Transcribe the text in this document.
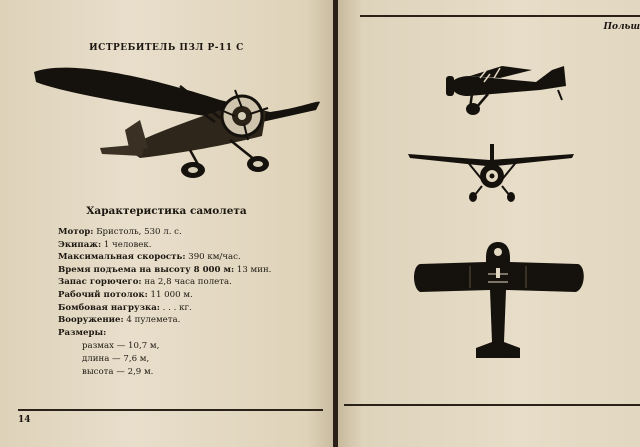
ИСТРЕБИТЕЛЬ ПЗЛ Р-11 С
Характеристика самолета
Мотор: Бристоль, 530 л. с.
Экипаж: 1 человек.
Максимальная скорость: 390 км/час.
Время подъема на высоту 8 000 м: 13 мин.
Запас горючего: на 2,8 часа полета.
Рабочий потолок: 11 000 м.
Бомбовая нагрузка: . . . кг.
Вооружение: 4 пулемета.
Размеры:
размах — 10,7 м,
длина — 7,6 м,
высота — 2,9 м.
14
Польш
